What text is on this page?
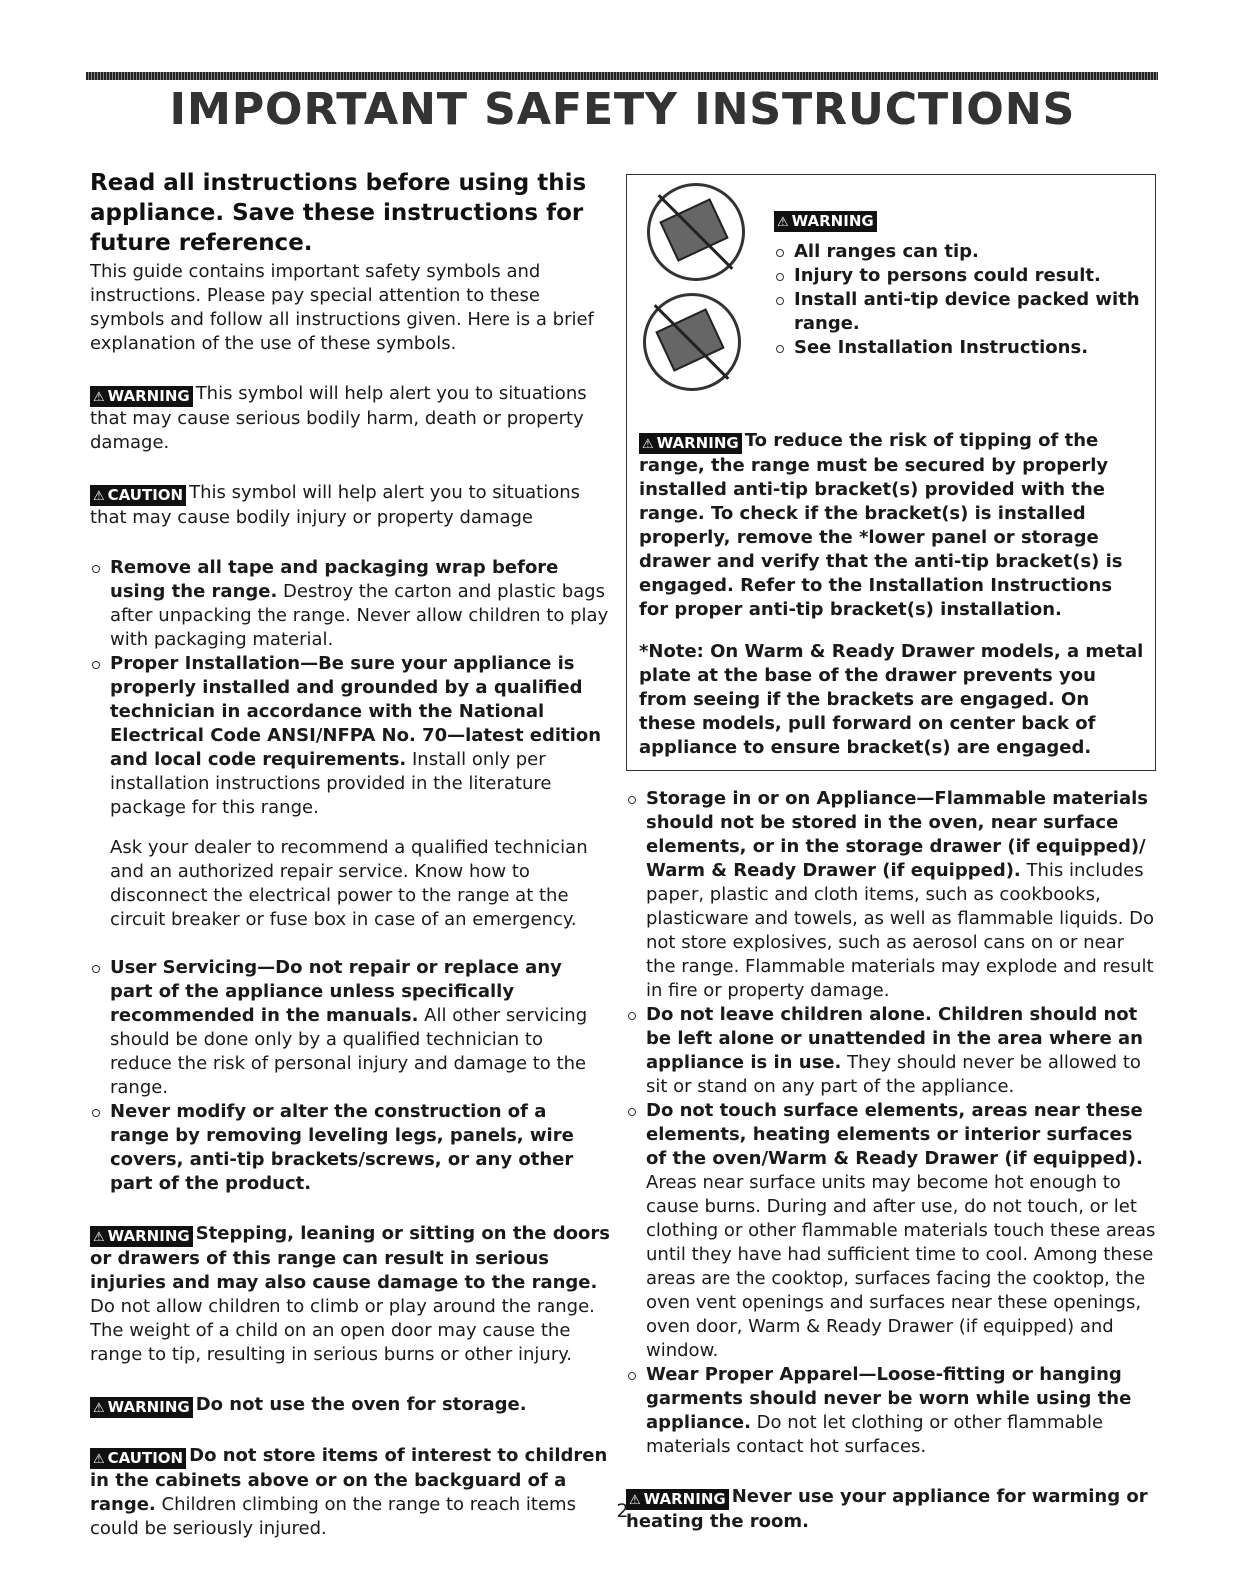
IMPORTANT SAFETY INSTRUCTIONS
Read all instructions before using this appliance. Save these instructions for future reference.

This guide contains important safety symbols and instructions. Please pay special attention to these symbols and follow all instructions given. Here is a brief explanation of the use of these symbols.

⚠ WARNING This symbol will help alert you to situations that may cause serious bodily harm, death or property damage.

⚠ CAUTION This symbol will help alert you to situations that may cause bodily injury or property damage

Remove all tape and packaging wrap before using the range. Destroy the carton and plastic bags after unpacking the range. Never allow children to play with packaging material.
Proper Installation—Be sure your appliance is properly installed and grounded by a qualified technician in accordance with the National Electrical Code ANSI/NFPA No. 70—latest edition and local code requirements. Install only per installation instructions provided in the literature package for this range.

Ask your dealer to recommend a qualified technician and an authorized repair service. Know how to disconnect the electrical power to the range at the circuit breaker or fuse box in case of an emergency.

User Servicing—Do not repair or replace any part of the appliance unless specifically recommended in the manuals. All other servicing should be done only by a qualified technician to reduce the risk of personal injury and damage to the range.
Never modify or alter the construction of a range by removing leveling legs, panels, wire covers, anti-tip brackets/screws, or any other part of the product.

⚠ WARNING Stepping, leaning or sitting on the doors or drawers of this range can result in serious injuries and may also cause damage to the range. Do not allow children to climb or play around the range. The weight of a child on an open door may cause the range to tip, resulting in serious burns or other injury.

⚠ WARNING Do not use the oven for storage.

⚠ CAUTION Do not store items of interest to children in the cabinets above or on the backguard of a range. Children climbing on the range to reach items could be seriously injured.

⚠ WARNING
All ranges can tip.
Injury to persons could result.
Install anti-tip device packed with range.
See Installation Instructions.

⚠ WARNING To reduce the risk of tipping of the range, the range must be secured by properly installed anti-tip bracket(s) provided with the range. To check if the bracket(s) is installed properly, remove the *lower panel or storage drawer and verify that the anti-tip bracket(s) is engaged. Refer to the Installation Instructions for proper anti-tip bracket(s) installation.

*Note: On Warm & Ready Drawer models, a metal plate at the base of the drawer prevents you from seeing if the brackets are engaged. On these models, pull forward on center back of appliance to ensure bracket(s) are engaged.

Storage in or on Appliance—Flammable materials should not be stored in the oven, near surface elements, or in the storage drawer (if equipped)/ Warm & Ready Drawer (if equipped). This includes paper, plastic and cloth items, such as cookbooks, plasticware and towels, as well as flammable liquids. Do not store explosives, such as aerosol cans on or near the range. Flammable materials may explode and result in fire or property damage.
Do not leave children alone. Children should not be left alone or unattended in the area where an appliance is in use. They should never be allowed to sit or stand on any part of the appliance.
Do not touch surface elements, areas near these elements, heating elements or interior surfaces of the oven/Warm & Ready Drawer (if equipped). Areas near surface units may become hot enough to cause burns. During and after use, do not touch, or let clothing or other flammable materials touch these areas until they have had sufficient time to cool. Among these areas are the cooktop, surfaces facing the cooktop, the oven vent openings and surfaces near these openings, oven door, Warm & Ready Drawer (if equipped) and window.
Wear Proper Apparel—Loose-fitting or hanging garments should never be worn while using the appliance. Do not let clothing or other flammable materials contact hot surfaces.

⚠ WARNING Never use your appliance for warming or heating the room.

2
